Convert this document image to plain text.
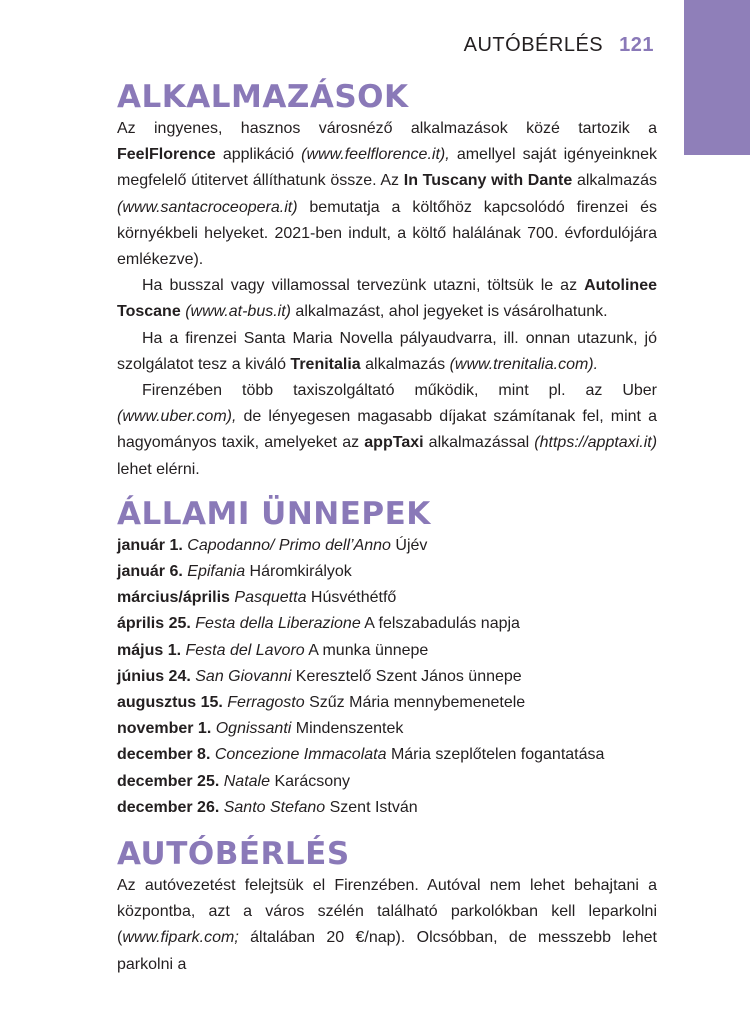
AUTÓBÉRLÉS 121
ALKALMAZÁSOK

Az ingyenes, hasznos városnéző alkalmazások közé tartozik a FeelFlorence applikáció (www.feelflorence.it), amellyel saját igényeinknek megfelelő útitervet állíthatunk össze. Az In Tuscany with Dante alkalmazás (www.santacroceopera.it) bemutatja a költőhöz kapcsolódó firenzei és környékbeli helyeket. 2021-ben indult, a költő halálának 700. évfordulójára emlékezve).

Ha busszal vagy villamossal tervezünk utazni, töltsük le az Autolinee Toscane (www.at-bus.it) alkalmazást, ahol jegyeket is vásárolhatunk.

Ha a firenzei Santa Maria Novella pályaudvarra, ill. onnan utazunk, jó szolgálatot tesz a kiváló Trenitalia alkalmazás (www.trenitalia.com).

Firenzében több taxiszolgáltató működik, mint pl. az Uber (www.uber.com), de lényegesen magasabb díjakat számítanak fel, mint a hagyományos taxik, amelyeket az appTaxi alkalmazással (https://apptaxi.it) lehet elérni.

ÁLLAMI ÜNNEPEK
január 1. Capodanno/ Primo dell’Anno Újév
január 6. Epifania Háromkirályok
március/április Pasquetta Húsvéthétfő
április 25. Festa della Liberazione A felszabadulás napja
május 1. Festa del Lavoro A munka ünnepe
június 24. San Giovanni Keresztelő Szent János ünnepe
augusztus 15. Ferragosto Szűz Mária mennybemenetele
november 1. Ognissanti Mindenszentek
december 8. Concezione Immacolata Mária szeplőtelen fogantatása
december 25. Natale Karácsony
december 26. Santo Stefano Szent István
AUTÓBÉRLÉS

Az autóvezetést felejtsük el Firenzében. Autóval nem lehet behajtani a központba, azt a város szélén található parkolókban kell leparkolni (www.fipark.com; általában 20 €/nap). Olcsóbban, de messzebb lehet parkolni a
